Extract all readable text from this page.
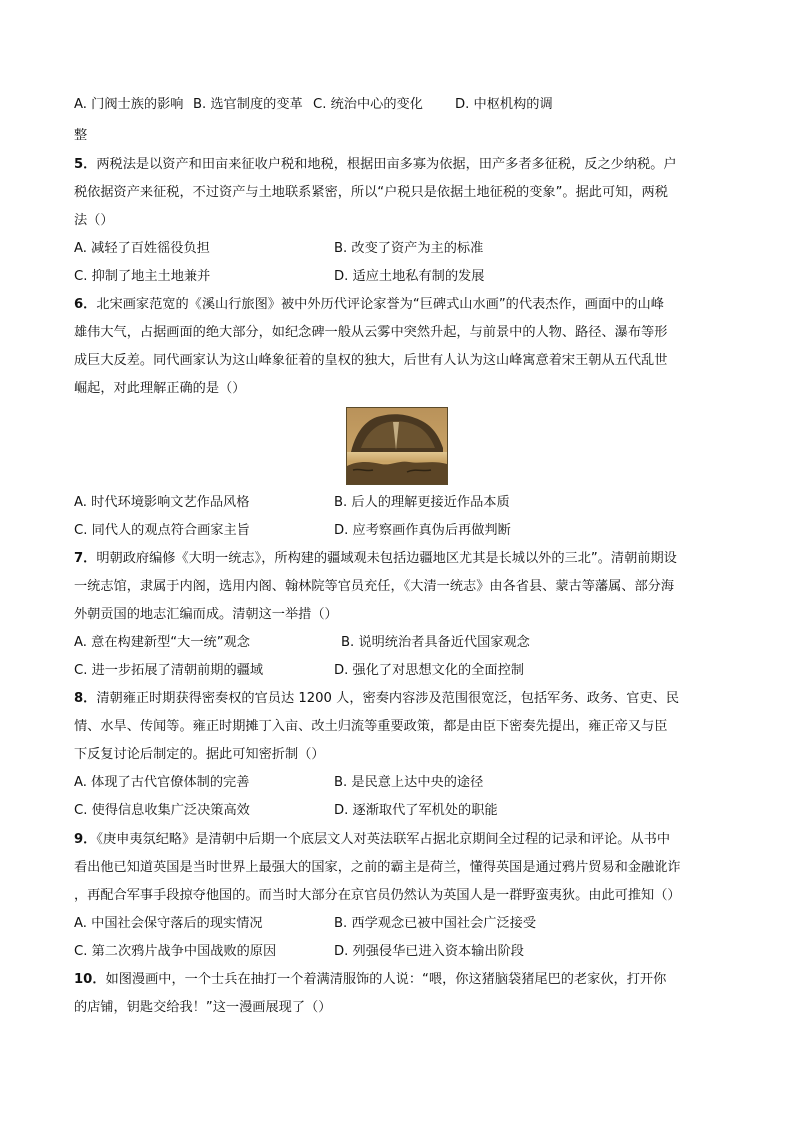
A. 门阀士族的影响 B. 选官制度的变革 C. 统治中心的变化 D. 中枢机构的调
整
5．两税法是以资产和田亩来征收户税和地税，根据田亩多寡为依据，田产多者多征税，反之少纳税。户
税依据资产来征税，不过资产与土地联系紧密，所以“户税只是依据土地征税的变象”。据此可知，两税
法（）
A. 减轻了百姓徭役负担	B. 改变了资产为主的标准
C. 抑制了地主土地兼并	D. 适应土地私有制的发展
6．北宋画家范宽的《溪山行旅图》被中外历代评论家誉为“巨碑式山水画”的代表杰作，画面中的山峰
雄伟大气，占据画面的绝大部分，如纪念碑一般从云雾中突然升起，与前景中的人物、路径、瀑布等形
成巨大反差。同代画家认为这山峰象征着的皇权的独大，后世有人认为这山峰寓意着宋王朝从五代乱世
崛起，对此理解正确的是（）
A. 时代环境影响文艺作品风格	B. 后人的理解更接近作品本质
C. 同代人的观点符合画家主旨	D. 应考察画作真伪后再做判断
7．明朝政府编修《大明一统志》，所构建的疆域观未包括边疆地区尤其是长城以外的三北”。清朝前期设
一统志馆，隶属于内阁，选用内阁、翰林院等官员充任，《大清一统志》由各省县、蒙古等藩属、部分海
外朝贡国的地志汇编而成。清朝这一举措（）
A. 意在构建新型“大一统”观念	B. 说明统治者具备近代国家观念
C. 进一步拓展了清朝前期的疆域	D. 强化了对思想文化的全面控制
8．清朝雍正时期获得密奏权的官员达 1200 人，密奏内容涉及范围很宽泛，包括军务、政务、官吏、民
情、水旱、传闻等。雍正时期摊丁入亩、改土归流等重要政策，都是由臣下密奏先提出，雍正帝又与臣
下反复讨论后制定的。据此可知密折制（）
A. 体现了古代官僚体制的完善	B. 是民意上达中央的途径
C. 使得信息收集广泛决策高效	D. 逐渐取代了军机处的职能
9．《庚申夷氛纪略》是清朝中后期一个底层文人对英法联军占据北京期间全过程的记录和评论。从书中
看出他已知道英国是当时世界上最强大的国家，之前的霸主是荷兰，懂得英国是通过鸦片贸易和金融讹诈
，再配合军事手段掠夺他国的。而当时大部分在京官员仍然认为英国人是一群野蛮夷狄。由此可推知（）
A. 中国社会保守落后的现实情况	B. 西学观念已被中国社会广泛接受
C. 第二次鸦片战争中国战败的原因	D. 列强侵华已进入资本输出阶段
10．如图漫画中，一个士兵在抽打一个着满清服饰的人说：“喂，你这猪脑袋猪尾巴的老家伙，打开你
的店铺，钥匙交给我！”这一漫画展现了（）
